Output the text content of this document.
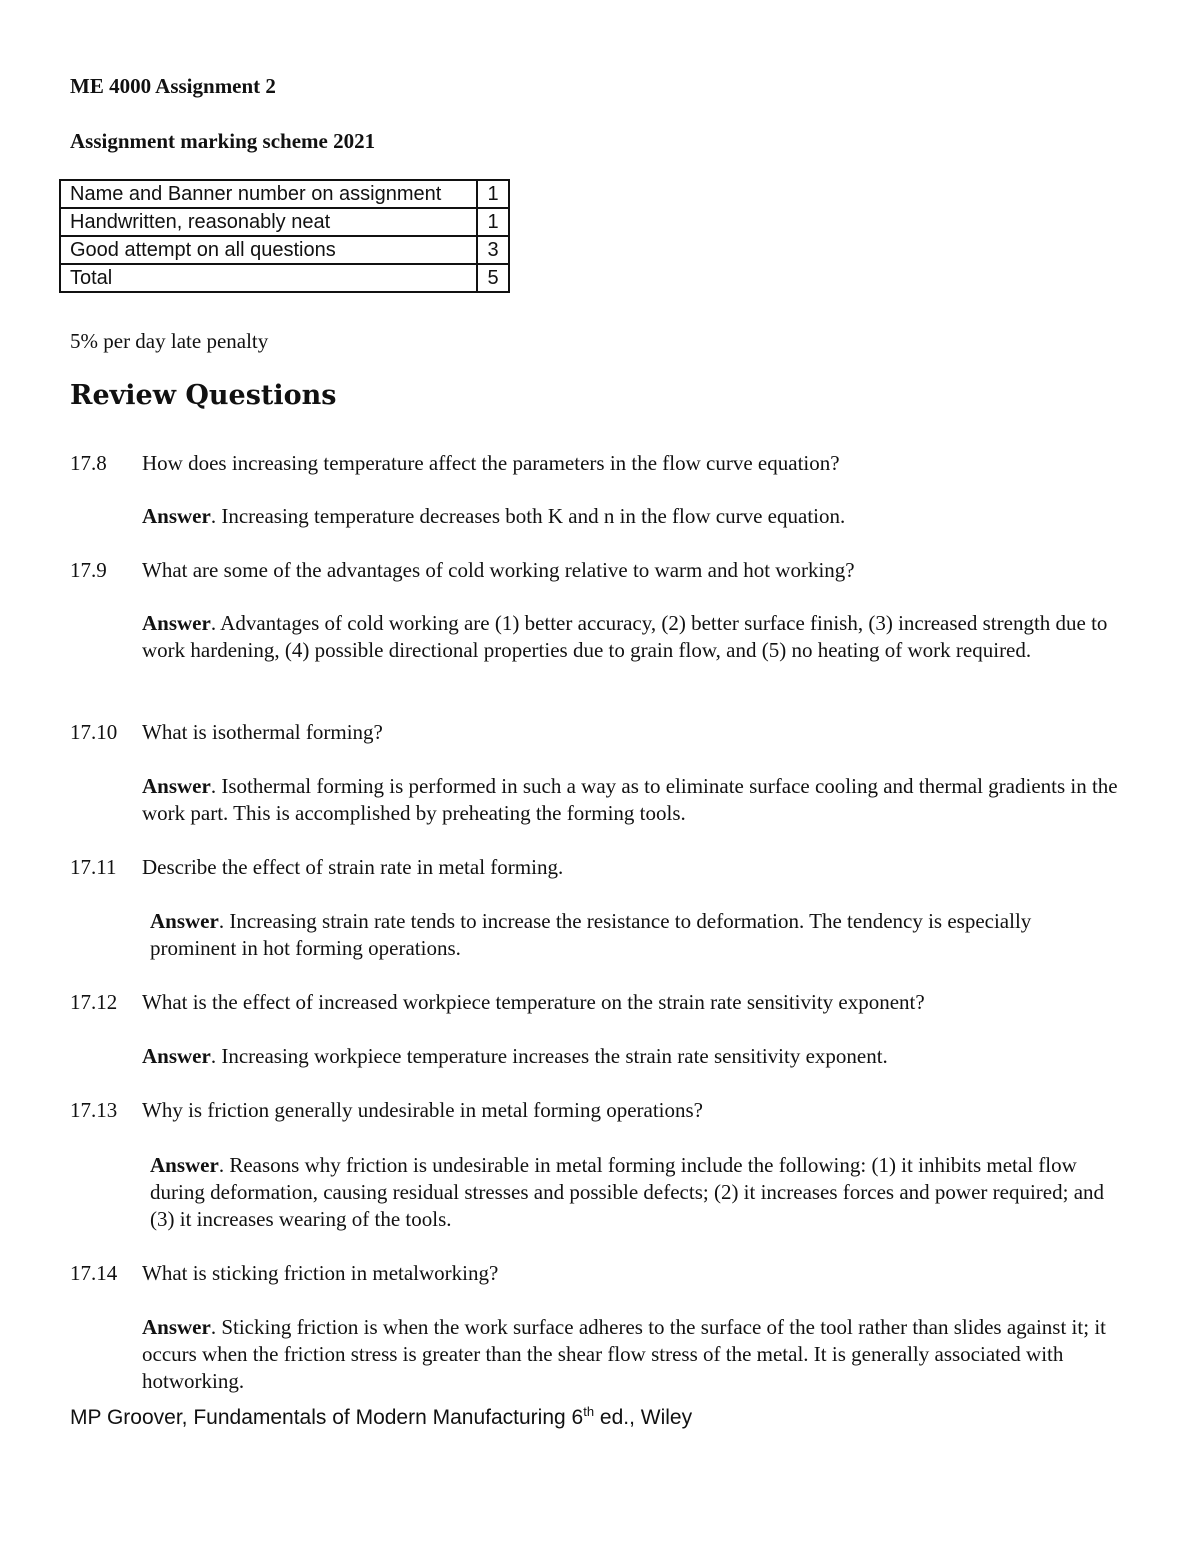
ME 4000 Assignment 2
Assignment marking scheme 2021
Name and Banner number on assignment	1
Handwritten, reasonably neat	1
Good attempt on all questions	3
Total	5
5% per day late penalty
Review Questions
17.8 How does increasing temperature affect the parameters in the flow curve equation?
Answer. Increasing temperature decreases both K and n in the flow curve equation.
17.9 What are some of the advantages of cold working relative to warm and hot working?
Answer. Advantages of cold working are (1) better accuracy, (2) better surface finish, (3) increased strength due to work hardening, (4) possible directional properties due to grain flow, and (5) no heating of work required.
17.10 What is isothermal forming?
Answer. Isothermal forming is performed in such a way as to eliminate surface cooling and thermal gradients in the work part. This is accomplished by preheating the forming tools.
17.11 Describe the effect of strain rate in metal forming.
Answer. Increasing strain rate tends to increase the resistance to deformation. The tendency is especially prominent in hot forming operations.
17.12 What is the effect of increased workpiece temperature on the strain rate sensitivity exponent?
Answer. Increasing workpiece temperature increases the strain rate sensitivity exponent.
17.13 Why is friction generally undesirable in metal forming operations?
Answer. Reasons why friction is undesirable in metal forming include the following: (1) it inhibits metal flow during deformation, causing residual stresses and possible defects; (2) it increases forces and power required; and (3) it increases wearing of the tools.
17.14 What is sticking friction in metalworking?
Answer. Sticking friction is when the work surface adheres to the surface of the tool rather than slides against it; it occurs when the friction stress is greater than the shear flow stress of the metal. It is generally associated with hotworking.
MP Groover, Fundamentals of Modern Manufacturing 6th ed., Wiley
